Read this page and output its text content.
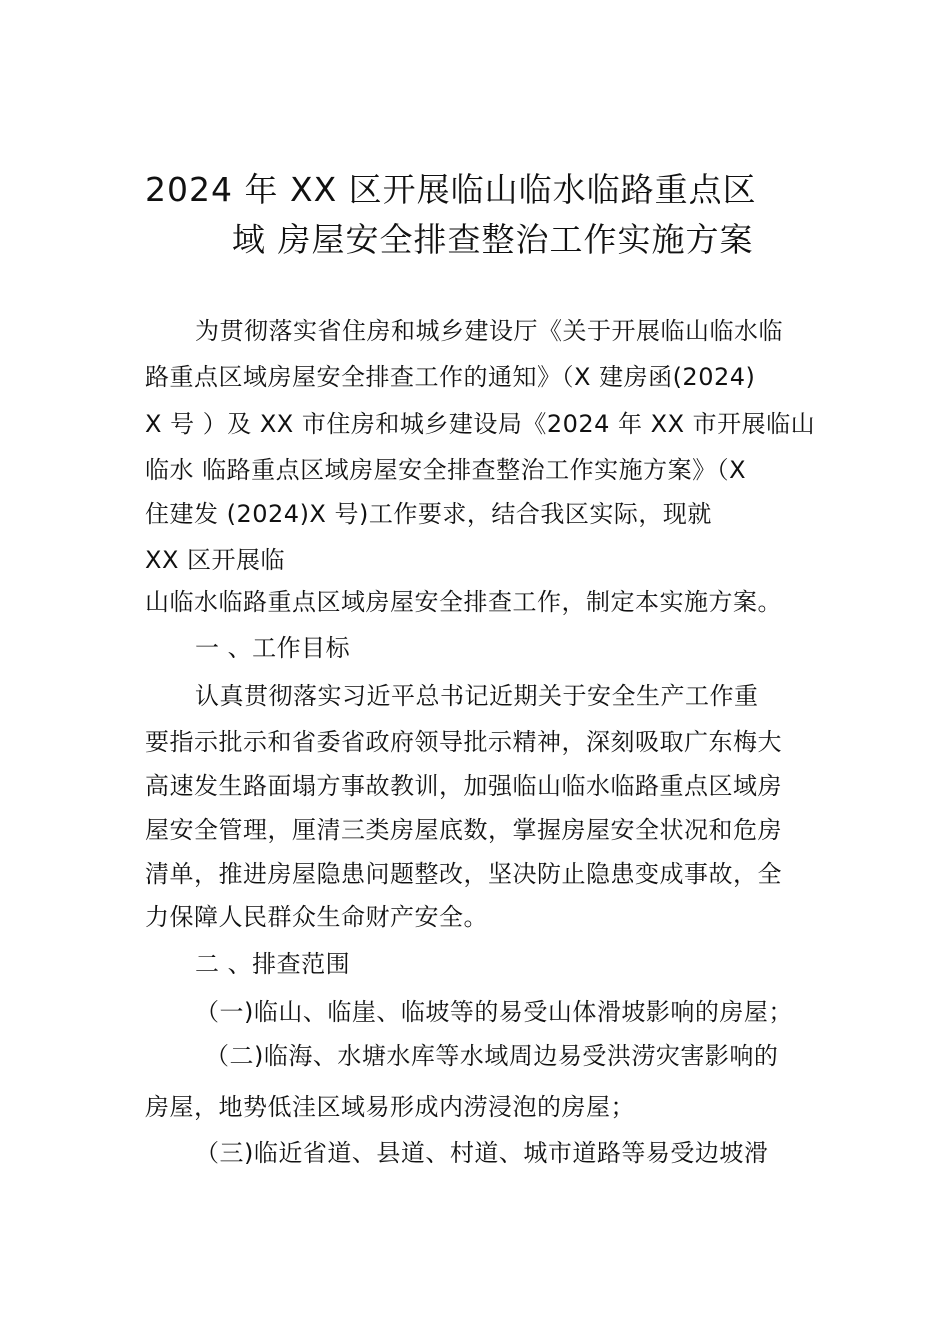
2024 年 XX 区开展临山临水临路重点区
域 房屋安全排查整治工作实施方案
为贯彻落实省住房和城乡建设厅《关于开展临山临水临
路重点区域房屋安全排查工作的通知》（X 建房函(2024)
X 号 ）及 XX 市住房和城乡建设局《2024 年 XX 市开展临山
临水 临路重点区域房屋安全排查整治工作实施方案》（X
住建发 (2024)X 号)工作要求，结合我区实际，现就
XX 区开展临
山临水临路重点区域房屋安全排查工作，制定本实施方案。
一 、工作目标
认真贯彻落实习近平总书记近期关于安全生产工作重
要指示批示和省委省政府领导批示精神，深刻吸取广东梅大
高速发生路面塌方事故教训，加强临山临水临路重点区域房
屋安全管理，厘清三类房屋底数，掌握房屋安全状况和危房
清单，推进房屋隐患问题整改，坚决防止隐患变成事故，全
力保障人民群众生命财产安全。
二 、排查范围
（一)临山、临崖、临坡等的易受山体滑坡影响的房屋；
（二)临海、水塘水库等水域周边易受洪涝灾害影响的
房屋，地势低洼区域易形成内涝浸泡的房屋；
（三)临近省道、县道、村道、城市道路等易受边坡滑
